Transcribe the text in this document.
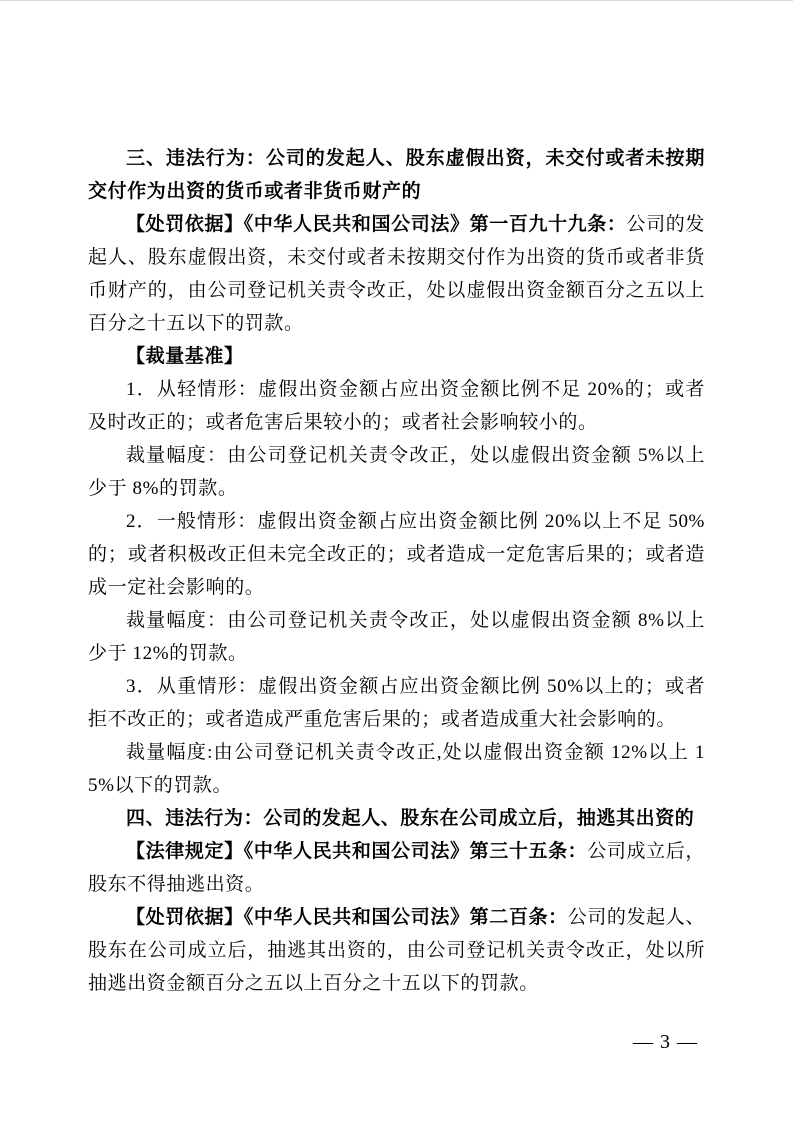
三、违法行为：公司的发起人、股东虚假出资，未交付或者未按期交付作为出资的货币或者非货币财产的

【处罚依据】《中华人民共和国公司法》第一百九十九条：公司的发起人、股东虚假出资，未交付或者未按期交付作为出资的货币或者非货币财产的，由公司登记机关责令改正，处以虚假出资金额百分之五以上百分之十五以下的罚款。

【裁量基准】

1．从轻情形：虚假出资金额占应出资金额比例不足 20%的；或者及时改正的；或者危害后果较小的；或者社会影响较小的。

裁量幅度：由公司登记机关责令改正，处以虚假出资金额 5%以上少于 8%的罚款。

2．一般情形：虚假出资金额占应出资金额比例 20%以上不足 50%的；或者积极改正但未完全改正的；或者造成一定危害后果的；或者造成一定社会影响的。

裁量幅度：由公司登记机关责令改正，处以虚假出资金额 8%以上少于 12%的罚款。

3．从重情形：虚假出资金额占应出资金额比例 50%以上的；或者拒不改正的；或者造成严重危害后果的；或者造成重大社会影响的。

裁量幅度:由公司登记机关责令改正,处以虚假出资金额 12%以上 15%以下的罚款。

四、违法行为：公司的发起人、股东在公司成立后，抽逃其出资的

【法律规定】《中华人民共和国公司法》第三十五条：公司成立后，股东不得抽逃出资。

【处罚依据】《中华人民共和国公司法》第二百条：公司的发起人、股东在公司成立后，抽逃其出资的，由公司登记机关责令改正，处以所抽逃出资金额百分之五以上百分之十五以下的罚款。

— 3 —
